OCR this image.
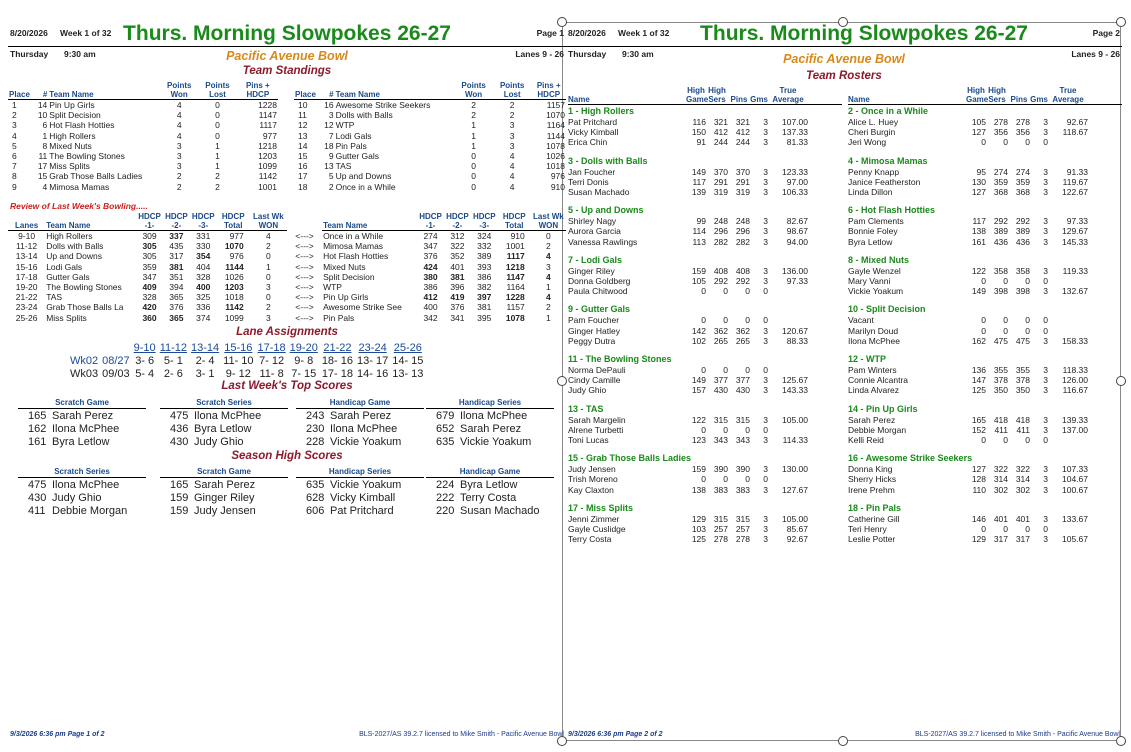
8/20/2026 Week 1 of 32 Thurs. Morning Slowpokes 26-27	Page 1
Thursday 9:30 am	Pacific Avenue Bowl	Lanes 9 - 26
Team Standings
Place	#	Team Name	Points Won	Points Lost	Pins + HDCP
1	14	Pin Up Girls	4	0	1228
2	10	Split Decision	4	0	1147
3	6	Hot Flash Hotties	4	0	1117
4	1	High Rollers	4	0	977
5	8	Mixed Nuts	3	1	1218
6	11	The Bowling Stones	3	1	1203
7	17	Miss Splits	3	1	1099
8	15	Grab Those Balls Ladies	2	2	1142
9	4	Mimosa Mamas	2	2	1001
Place	#	Team Name	Points Won	Points Lost	Pins + HDCP
10	16	Awesome Strike Seekers	2	2	1157
11	3	Dolls with Balls	2	2	1070
12	12	WTP	1	3	1164
13	7	Lodi Gals	1	3	1144
14	18	Pin Pals	1	3	1078
15	9	Gutter Gals	0	4	1026
16	13	TAS	0	4	1018
17	5	Up and Downs	0	4	976
18	2	Once in a While	0	4	910
Review of Last Week's Bowling.....
Lanes	Team Name	HDCP -1-	HDCP -2-	HDCP -3-	HDCP Total	Last Wk WON		Team Name	HDCP -1-	HDCP -2-	HDCP -3-	HDCP Total	Last Wk WON
9-10	High Rollers	309	337	331	977	4	<--->	Once in a While	274	312	324	910	0
11-12	Dolls with Balls	305	435	330	1070	2	<--->	Mimosa Mamas	347	322	332	1001	2
13-14	Up and Downs	305	317	354	976	0	<--->	Hot Flash Hotties	376	352	389	1117	4
15-16	Lodi Gals	359	381	404	1144	1	<--->	Mixed Nuts	424	401	393	1218	3
17-18	Gutter Gals	347	351	328	1026	0	<--->	Split Decision	380	381	386	1147	4
19-20	The Bowling Stones	409	394	400	1203	3	<--->	WTP	386	396	382	1164	1
21-22	TAS	328	365	325	1018	0	<--->	Pin Up Girls	412	419	397	1228	4
23-24	Grab Those Balls La	420	376	336	1142	2	<--->	Awesome Strike See	400	376	381	1157	2
25-26	Miss Splits	360	365	374	1099	3	<--->	Pin Pals	342	341	395	1078	1
Lane Assignments
		9-10	11-12	13-14	15-16	17-18	19-20	21-22	23-24	25-26
Wk02	08/27	3- 6	5- 1	2- 4	11- 10	7- 12	9- 8	18- 16	13- 17	14- 15
Wk03	09/03	5- 4	2- 6	3- 1	9- 12	11- 8	7- 15	17- 18	14- 16	13- 13
Last Week's Top Scores
Scratch Game
165 Sarah Perez
162 Ilona McPhee
161 Byra Letlow
Scratch Series
475 Ilona McPhee
436 Byra Letlow
430 Judy Ghio
Handicap Game
243 Sarah Perez
230 Ilona McPhee
228 Vickie Yoakum
Handicap Series
679 Ilona McPhee
652 Sarah Perez
635 Vickie Yoakum
Season High Scores
Scratch Series
475 Ilona McPhee
430 Judy Ghio
411 Debbie Morgan
Scratch Game
165 Sarah Perez
159 Ginger Riley
159 Judy Jensen
Handicap Series
635 Vickie Yoakum
628 Vicky Kimball
606 Pat Pritchard
Handicap Game
224 Byra Letlow
222 Terry Costa
220 Susan Machado
9/3/2026 6:36 pm Page 1 of 2	BLS-2027/AS 39.2.7 licensed to Mike Smith - Pacific Avenue Bowl
8/20/2026 Week 1 of 32	Thurs. Morning Slowpokes 26-27	Page 2
Thursday 9:30 am	Pacific Avenue Bowl	Lanes 9 - 26
Team Rosters
Name
High Game
High Sers Pins Gms
True Average
1 - High Rollers
Pat Pritchard	116 321 321	3	107.00
Vicky Kimball	150 412 412	3	137.33
Erica Chin	91 244 244	3	81.33
3 - Dolls with Balls
Jan Foucher	149 370 370	3	123.33
Terri Donis	117 291 291	3	97.00
Susan Machado	139 319 319	3	106.33
5 - Up and Downs
Shirley Nagy	99 248 248	3	82.67
Aurora Garcia	114 296 296	3	98.67
Vanessa Rawlings	113 282 282	3	94.00
7 - Lodi Gals
Ginger Riley	159 408 408	3	136.00
Donna Goldberg	105 292 292	3	97.33
Paula Chitwood	0	0	0	0
9 - Gutter Gals
Pam Foucher	0	0	0	0
Ginger Hatley	142 362 362	3	120.67
Peggy Dutra	102 265 265	3	88.33
11 - The Bowling Stones
Norma DePauli	0	0	0	0
Cindy Camille	149 377 377	3	125.67
Judy Ghio	157 430 430	3	143.33
13 - TAS
Sarah Margelin	122 315 315	3	105.00
Alrene Turbetti	0	0	0	0
Toni Lucas	123 343 343	3	114.33
15 - Grab Those Balls Ladies
Judy Jensen	159 390 390	3	130.00
Trish Moreno	0	0	0	0
Kay Claxton	138 383 383	3	127.67
17 - Miss Splits
Jenni Zimmer	129 315 315	3	105.00
Gayle Cuslidge	103 257 257	3	85.67
Terry Costa	125 278 278	3	92.67
Name
High Game
High Sers Pins Gms
True Average
2 - Once in a While
Alice L. Huey	105 278 278	3	92.67
Cheri Burgin	127 356 356	3	118.67
Jeri Wong	0	0	0	0
4 - Mimosa Mamas
Penny Knapp	95 274 274	3	91.33
Janice Featherston	130 359 359	3	119.67
Linda Dillon	127 368 368	3	122.67
6 - Hot Flash Hotties
Pam Clements	117 292 292	3	97.33
Bonnie Foley	138 389 389	3	129.67
Byra Letlow	161 436 436	3	145.33
8 - Mixed Nuts
Gayle Wenzel	122 358 358	3	119.33
Mary Vanni	0	0	0	0
Vickie Yoakum	149 398 398	3	132.67
10 - Split Decision
Vacant	0	0	0	0
Marilyn Doud	0	0	0	0
Ilona McPhee	162 475 475	3	158.33
12 - WTP
Pam Winters	136 355 355	3	118.33
Connie Alcantra	147 378 378	3	126.00
Linda Alvarez	125 350 350	3	116.67
14 - Pin Up Girls
Sarah Perez	165 418 418	3	139.33
Debbie Morgan	152 411 411	3	137.00
Kelli Reid	0	0	0	0
16 - Awesome Strike Seekers
Donna King	127 322 322	3	107.33
Sherry Hicks	128 314 314	3	104.67
Irene Prehm	110 302 302	3	100.67
18 - Pin Pals
Catherine Gill	146 401 401	3	133.67
Teri Henry	0	0	0	0
Leslie Potter	129 317 317	3	105.67
9/3/2026 6:36 pm Page 2 of 2	BLS-2027/AS 39.2.7 licensed to Mike Smith - Pacific Avenue Bowl
